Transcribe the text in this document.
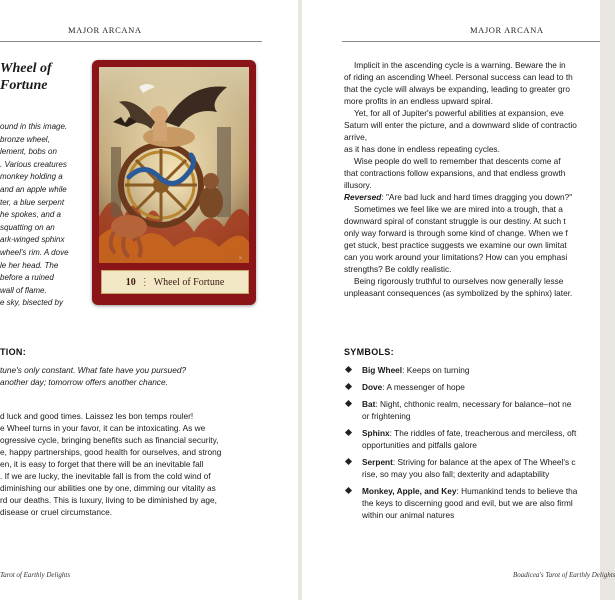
MAJOR ARCANA
Wheel of
Fortune
ound in this image.
bronze wheel,
lement, bobs on
. Various creatures
monkey holding a
and an apple while
ter, a blue serpent
he spokes, and a
squatting on an
ark-winged sphinx
wheel's rim. A dove
le her head. The
before a ruined
wall of flame.
e sky, bisected by
X
10 ⋮ Wheel of Fortune
TION:
tune's only constant. What fate have you pursued?
another day; tomorrow offers another chance.
d luck and good times. Laissez les bon temps rouler!
e Wheel turns in your favor, it can be intoxicating. As we
ogressive cycle, bringing benefits such as financial security,
e, happy partnerships, good health for ourselves, and strong
en, it is easy to forget that there will be an inevitable fall
. If we are lucky, the inevitable fall is from the cold wind of
diminishing our abilities one by one, dimming our vitality as
rd our deaths. This is luxury, living to be diminished by age,
disease or cruel circumstance.
Tarot of Earthly Delights
MAJOR ARCANA

Implicit in the ascending cycle is a warning. Beware the in
of riding an ascending Wheel. Personal success can lead to th
that the cycle will always be expanding, leading to greater gro
more profits in an endless upward spiral.

Yet, for all of Jupiter's powerful abilities at expansion, eve
Saturn will enter the picture, and a downward slide of contractio
arrive,
as it has done in endless repeating cycles.

Wise people do well to remember that descents come af
that contractions follow expansions, and that endless growth
illusory.

Reversed: "Are bad luck and hard times dragging you down?"

Sometimes we feel like we are mired into a trough, that a
downward spiral of constant struggle is our destiny. At such t
only way forward is through some kind of change. When we f
get stuck, best practice suggests we examine our own limitat
can you work around your limitations? How can you emphasi
strengths? Be coldly realistic.

Being rigorously truthful to ourselves now generally lesse
unpleasant consequences (as symbolized by the sphinx) later.

SYMBOLS:
Big Wheel: Keeps on turning
Dove: A messenger of hope
Bat: Night, chthonic realm, necessary for balance–not ne
or frightening
Sphinx: The riddles of fate, treacherous and merciless, oft
opportunities and pitfalls galore
Serpent: Striving for balance at the apex of The Wheel's c
rise, so may you also fall; dexterity and adaptability
Monkey, Apple, and Key: Humankind tends to believe tha
the keys to discerning good and evil, but we are also firml
within our animal natures
Boadicea's Tarot of Earthly Delights
